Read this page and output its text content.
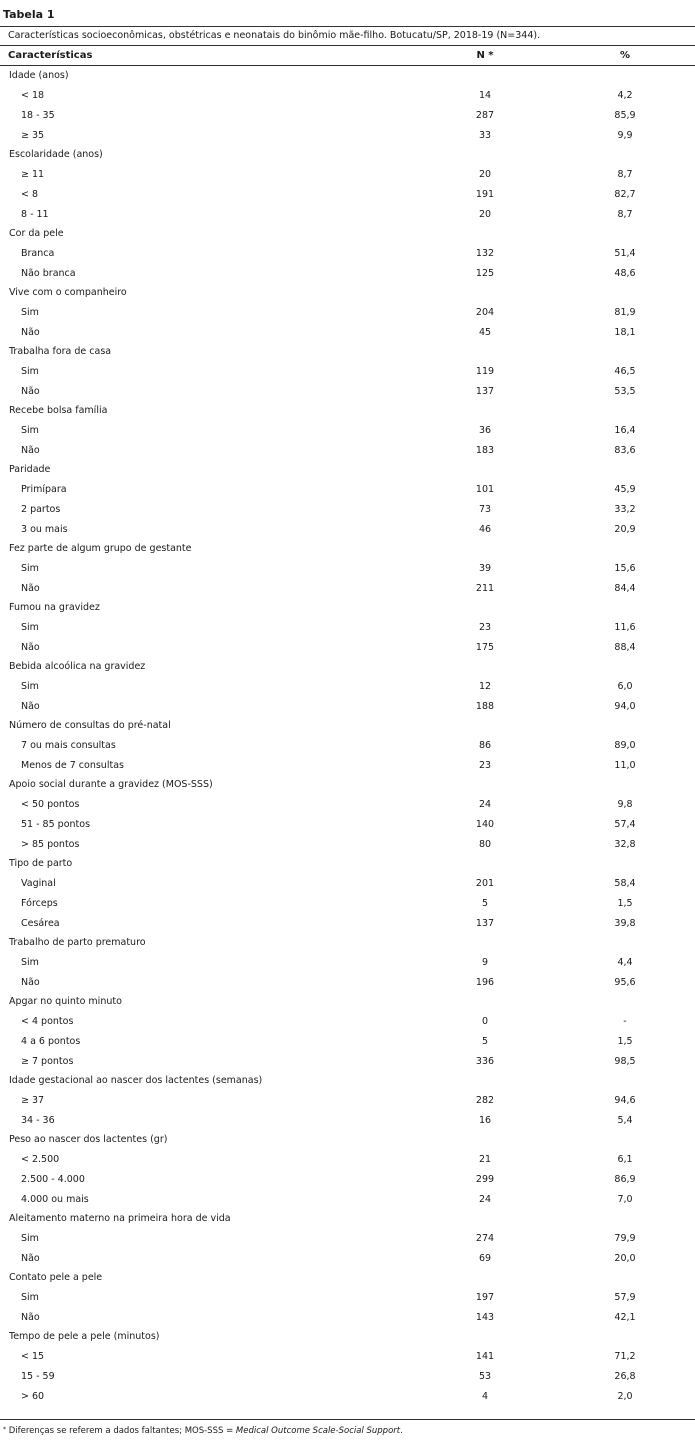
Tabela 1
Características socioeconômicas, obstétricas e neonatais do binômio mãe-filho. Botucatu/SP, 2018-19 (N=344).
Características	N *	%
Idade (anos)
< 18	14	4,2
18 - 35	287	85,9
≥ 35	33	9,9
Escolaridade (anos)
≥ 11	20	8,7
< 8	191	82,7
8 - 11	20	8,7
Cor da pele
Branca	132	51,4
Não branca	125	48,6
Vive com o companheiro
Sim	204	81,9
Não	45	18,1
Trabalha fora de casa
Sim	119	46,5
Não	137	53,5
Recebe bolsa família
Sim	36	16,4
Não	183	83,6
Paridade
Primípara	101	45,9
2 partos	73	33,2
3 ou mais	46	20,9
Fez parte de algum grupo de gestante
Sim	39	15,6
Não	211	84,4
Fumou na gravidez
Sim	23	11,6
Não	175	88,4
Bebida alcoólica na gravidez
Sim	12	6,0
Não	188	94,0
Número de consultas do pré-natal
7 ou mais consultas	86	89,0
Menos de 7 consultas	23	11,0
Apoio social durante a gravidez (MOS-SSS)
< 50 pontos	24	9,8
51 - 85 pontos	140	57,4
> 85 pontos	80	32,8
Tipo de parto
Vaginal	201	58,4
Fórceps	5	1,5
Cesárea	137	39,8
Trabalho de parto prematuro
Sim	9	4,4
Não	196	95,6
Apgar no quinto minuto
< 4 pontos	0	-
4 a 6 pontos	5	1,5
≥ 7 pontos	336	98,5
Idade gestacional ao nascer dos lactentes (semanas)
≥ 37	282	94,6
34 - 36	16	5,4
Peso ao nascer dos lactentes (gr)
< 2.500	21	6,1
2.500 - 4.000	299	86,9
4.000 ou mais	24	7,0
Aleitamento materno na primeira hora de vida
Sim	274	79,9
Não	69	20,0
Contato pele a pele
Sim	197	57,9
Não	143	42,1
Tempo de pele a pele (minutos)
< 15	141	71,2
15 - 59	53	26,8
> 60	4	2,0
* Diferenças se referem a dados faltantes; MOS-SSS = Medical Outcome Scale-Social Support.
